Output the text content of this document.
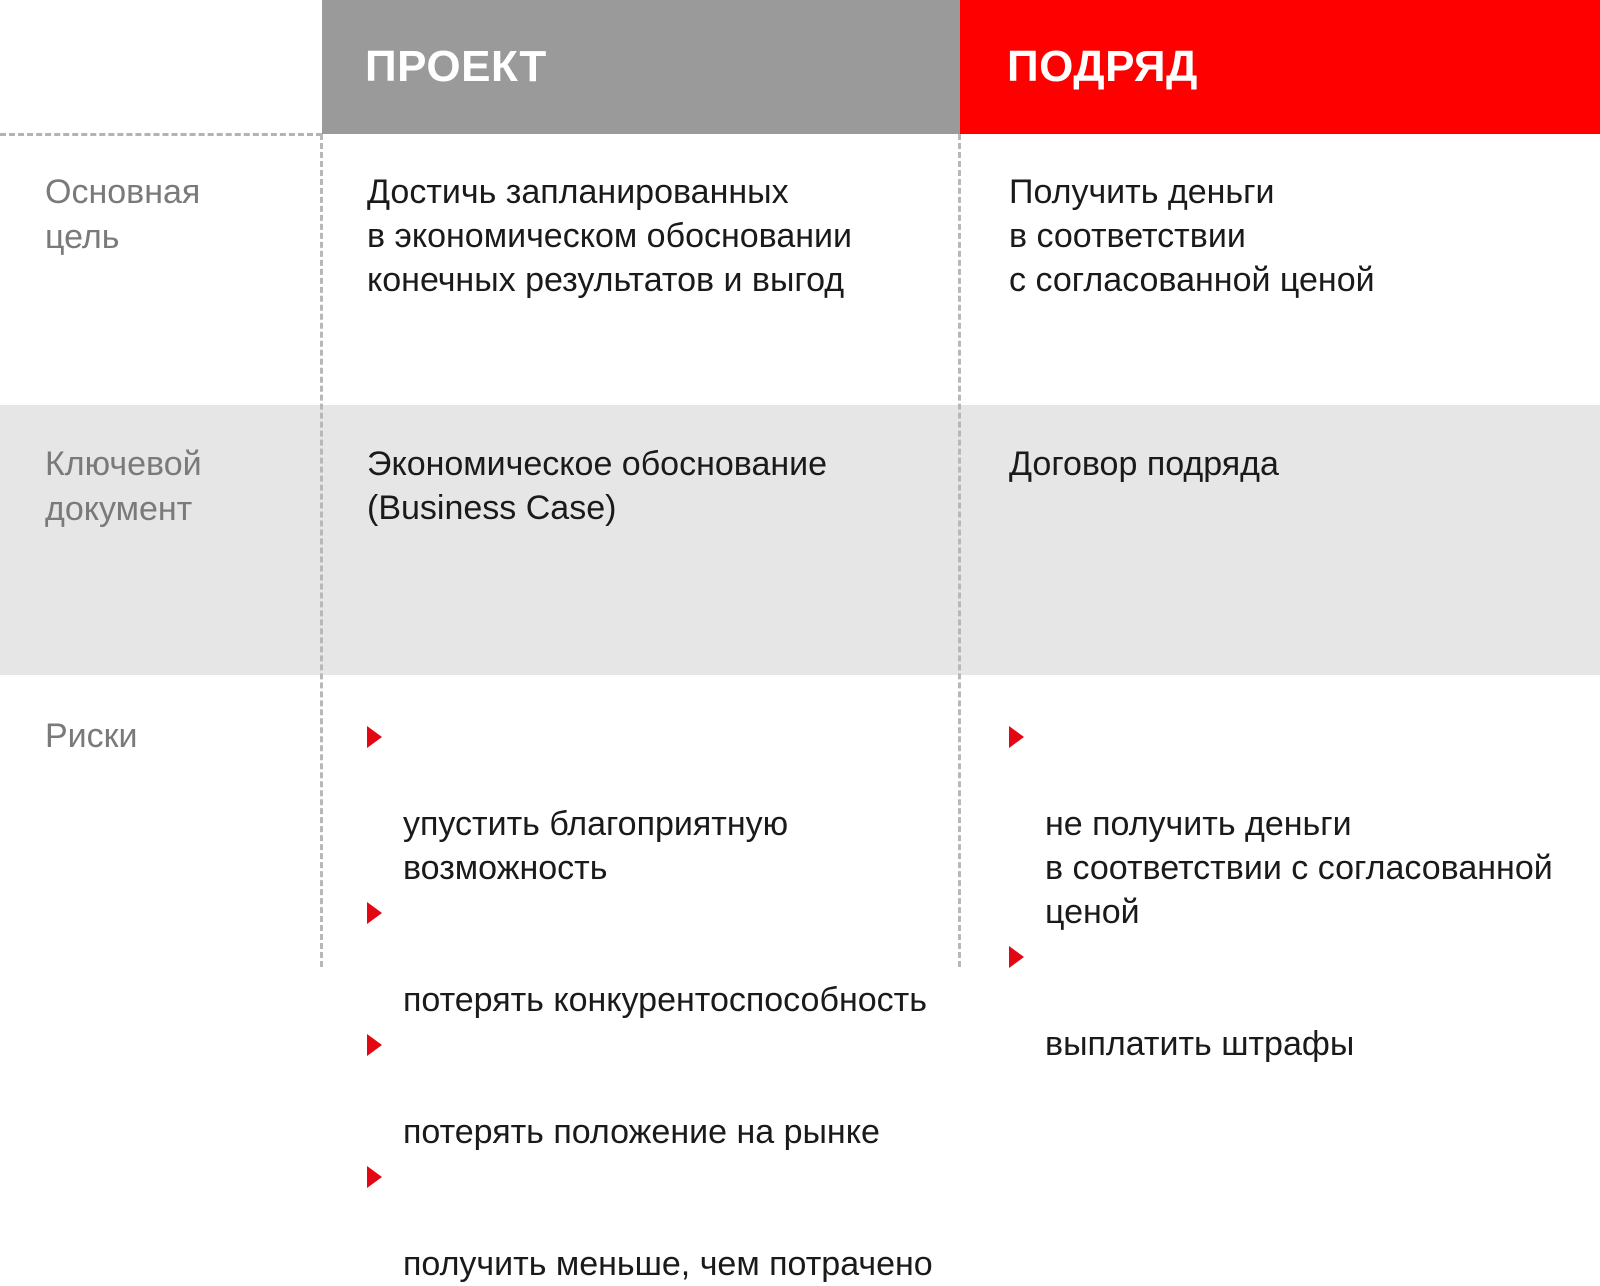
ПРОЕКТ	ПОДРЯД
Основная
цель
Достичь запланированных
в экономическом обосновании
конечных результатов и выгод
Получить деньги
в соответствии
с согласованной ценой
Ключевой
документ
Экономическое обоснование
(Business Case)
Договор подряда
Риски

упустить благоприятную
возможность

потерять конкурентоспособность

потерять положение на рынке

получить меньше, чем потрачено

не получить деньги
в соответствии с согласованной
ценой

выплатить штрафы
